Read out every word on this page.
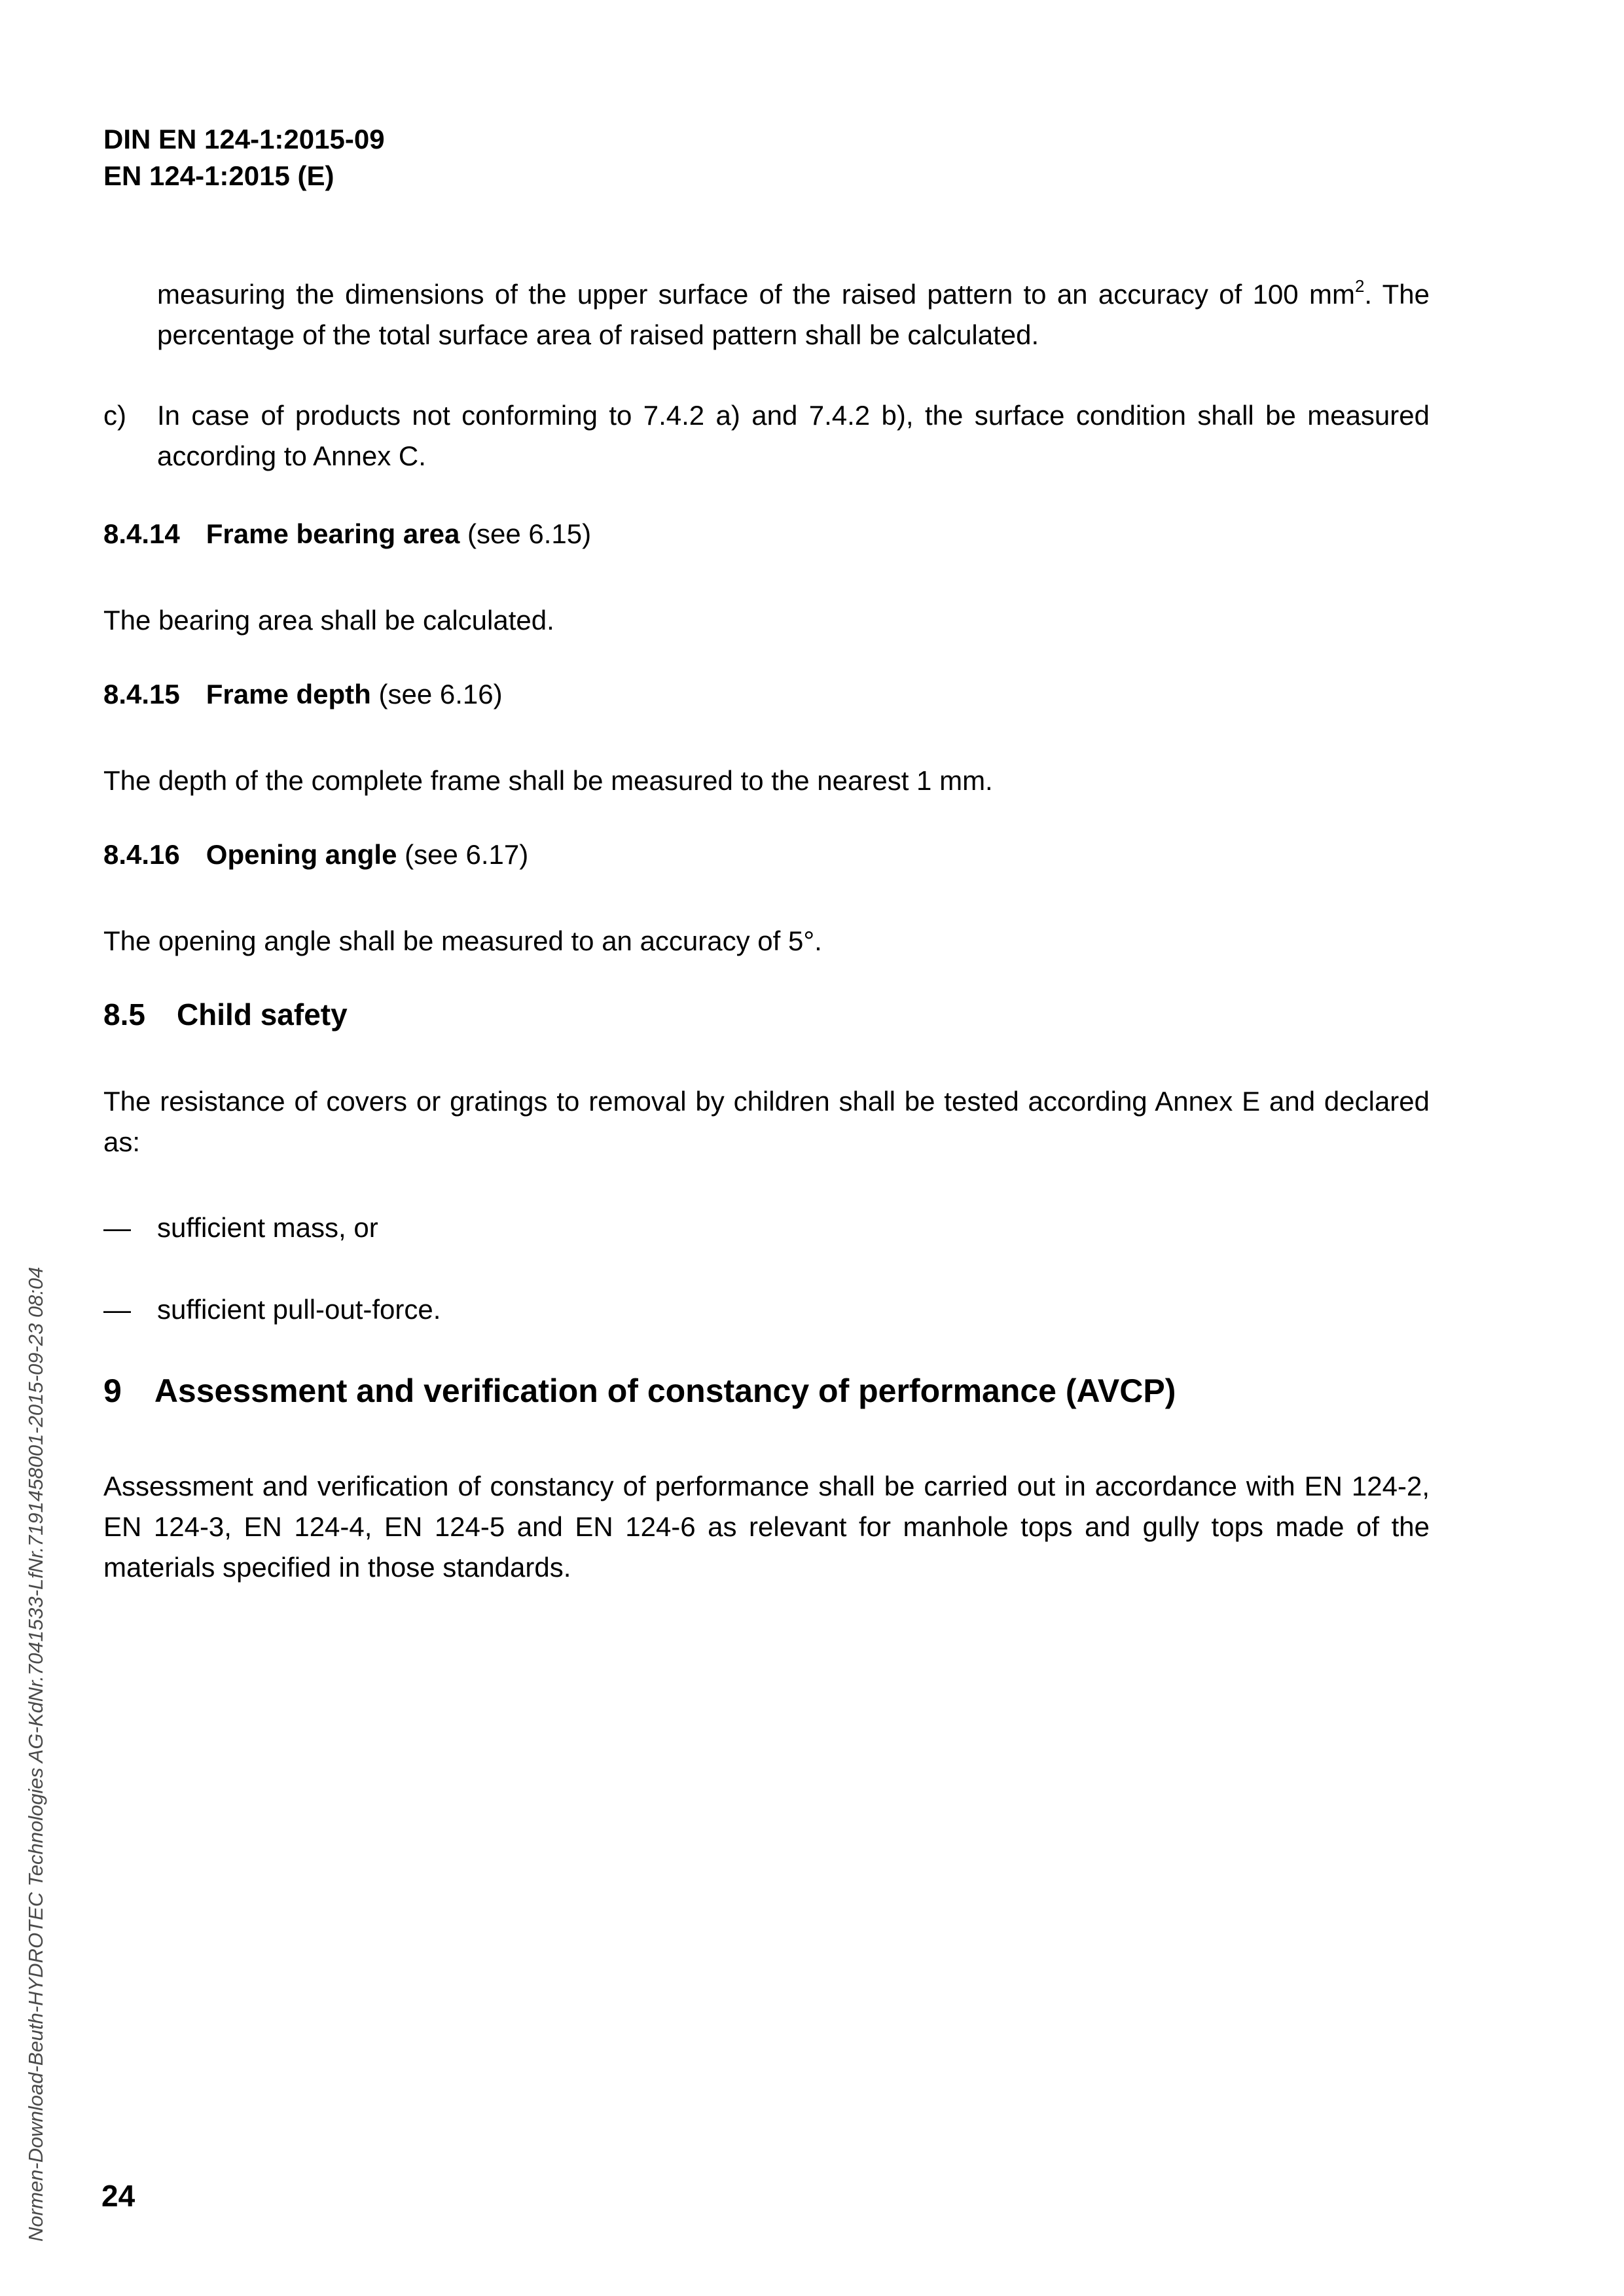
Normen-Download-Beuth-HYDROTEC Technologies AG-KdNr.7041533-LfNr.7191458001-2015-09-23 08:04
DIN EN 124-1:2015-09
EN 124-1:2015 (E)

measuring the dimensions of the upper surface of the raised pattern to an accuracy of 100 $mm^2$. The percentage of the total surface area of raised pattern shall be calculated.

c) In case of products not conforming to 7.4.2 a) and 7.4.2 b), the surface condition shall be measured according to Annex C.
8.4.14 Frame bearing area (see 6.15)

The bearing area shall be calculated.

8.4.15 Frame depth (see 6.16)

The depth of the complete frame shall be measured to the nearest 1 mm.

8.4.16 Opening angle (see 6.17)

The opening angle shall be measured to an accuracy of 5°.

8.5 Child safety

The resistance of covers or gratings to removal by children shall be tested according Annex E and declared as:

— sufficient mass, or
— sufficient pull-out-force.
9 Assessment and verification of constancy of performance (AVCP)

Assessment and verification of constancy of performance shall be carried out in accordance with EN 124-2, EN 124-3, EN 124-4, EN 124-5 and EN 124-6 as relevant for manhole tops and gully tops made of the materials specified in those standards.

24
